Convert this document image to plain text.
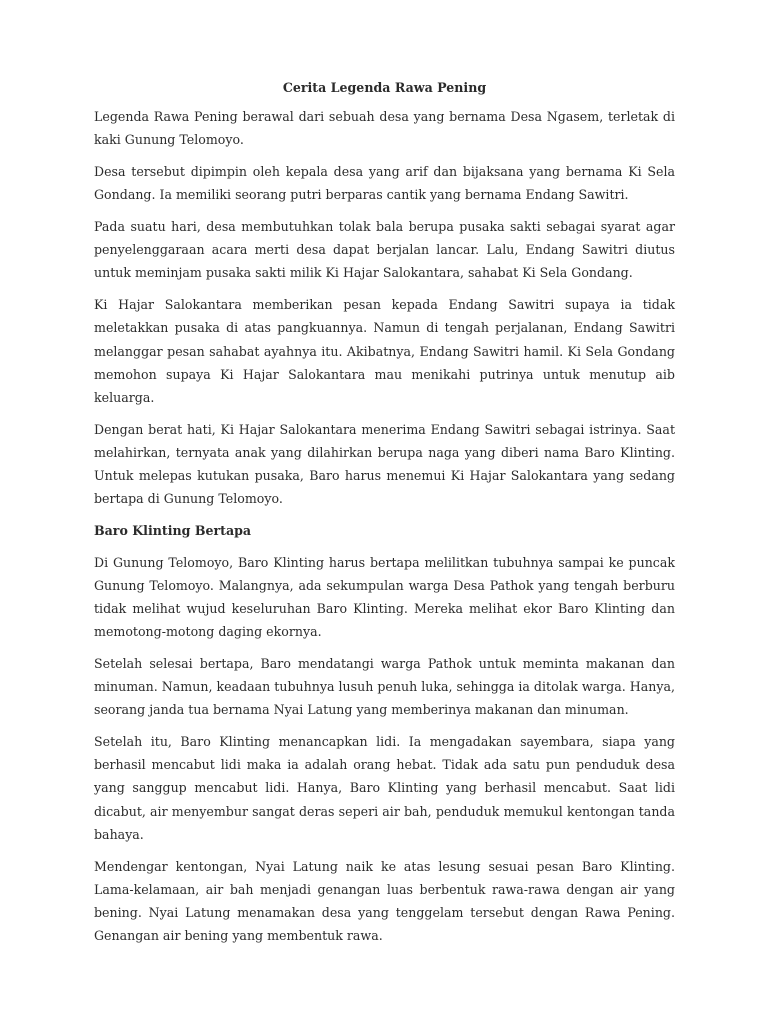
Cerita Legenda Rawa Pening

Legenda Rawa Pening berawal dari sebuah desa yang bernama Desa Ngasem, terletak di kaki Gunung Telomoyo.

Desa tersebut dipimpin oleh kepala desa yang arif dan bijaksana yang bernama Ki Sela Gondang. Ia memiliki seorang putri berparas cantik yang bernama Endang Sawitri.

Pada suatu hari, desa membutuhkan tolak bala berupa pusaka sakti sebagai syarat agar penyelenggaraan acara merti desa dapat berjalan lancar. Lalu, Endang Sawitri diutus untuk meminjam pusaka sakti milik Ki Hajar Salokantara, sahabat Ki Sela Gondang.

Ki Hajar Salokantara memberikan pesan kepada Endang Sawitri supaya ia tidak meletakkan pusaka di atas pangkuannya. Namun di tengah perjalanan, Endang Sawitri melanggar pesan sahabat ayahnya itu. Akibatnya, Endang Sawitri hamil. Ki Sela Gondang memohon supaya Ki Hajar Salokantara mau menikahi putrinya untuk menutup aib keluarga.

Dengan berat hati, Ki Hajar Salokantara menerima Endang Sawitri sebagai istrinya. Saat melahirkan, ternyata anak yang dilahirkan berupa naga yang diberi nama Baro Klinting. Untuk melepas kutukan pusaka, Baro harus menemui Ki Hajar Salokantara yang sedang bertapa di Gunung Telomoyo.

Baro Klinting Bertapa

Di Gunung Telomoyo, Baro Klinting harus bertapa melilitkan tubuhnya sampai ke puncak Gunung Telomoyo. Malangnya, ada sekumpulan warga Desa Pathok yang tengah berburu tidak melihat wujud keseluruhan Baro Klinting. Mereka melihat ekor Baro Klinting dan memotong-motong daging ekornya.

Setelah selesai bertapa, Baro mendatangi warga Pathok untuk meminta makanan dan minuman. Namun, keadaan tubuhnya lusuh penuh luka, sehingga ia ditolak warga. Hanya, seorang janda tua bernama Nyai Latung yang memberinya makanan dan minuman.

Setelah itu, Baro Klinting menancapkan lidi. Ia mengadakan sayembara, siapa yang berhasil mencabut lidi maka ia adalah orang hebat. Tidak ada satu pun penduduk desa yang sanggup mencabut lidi. Hanya, Baro Klinting yang berhasil mencabut. Saat lidi dicabut, air menyembur sangat deras seperi air bah, penduduk memukul kentongan tanda bahaya.

Mendengar kentongan, Nyai Latung naik ke atas lesung sesuai pesan Baro Klinting. Lama-kelamaan, air bah menjadi genangan luas berbentuk rawa-rawa dengan air yang bening. Nyai Latung menamakan desa yang tenggelam tersebut dengan Rawa Pening. Genangan air bening yang membentuk rawa.
